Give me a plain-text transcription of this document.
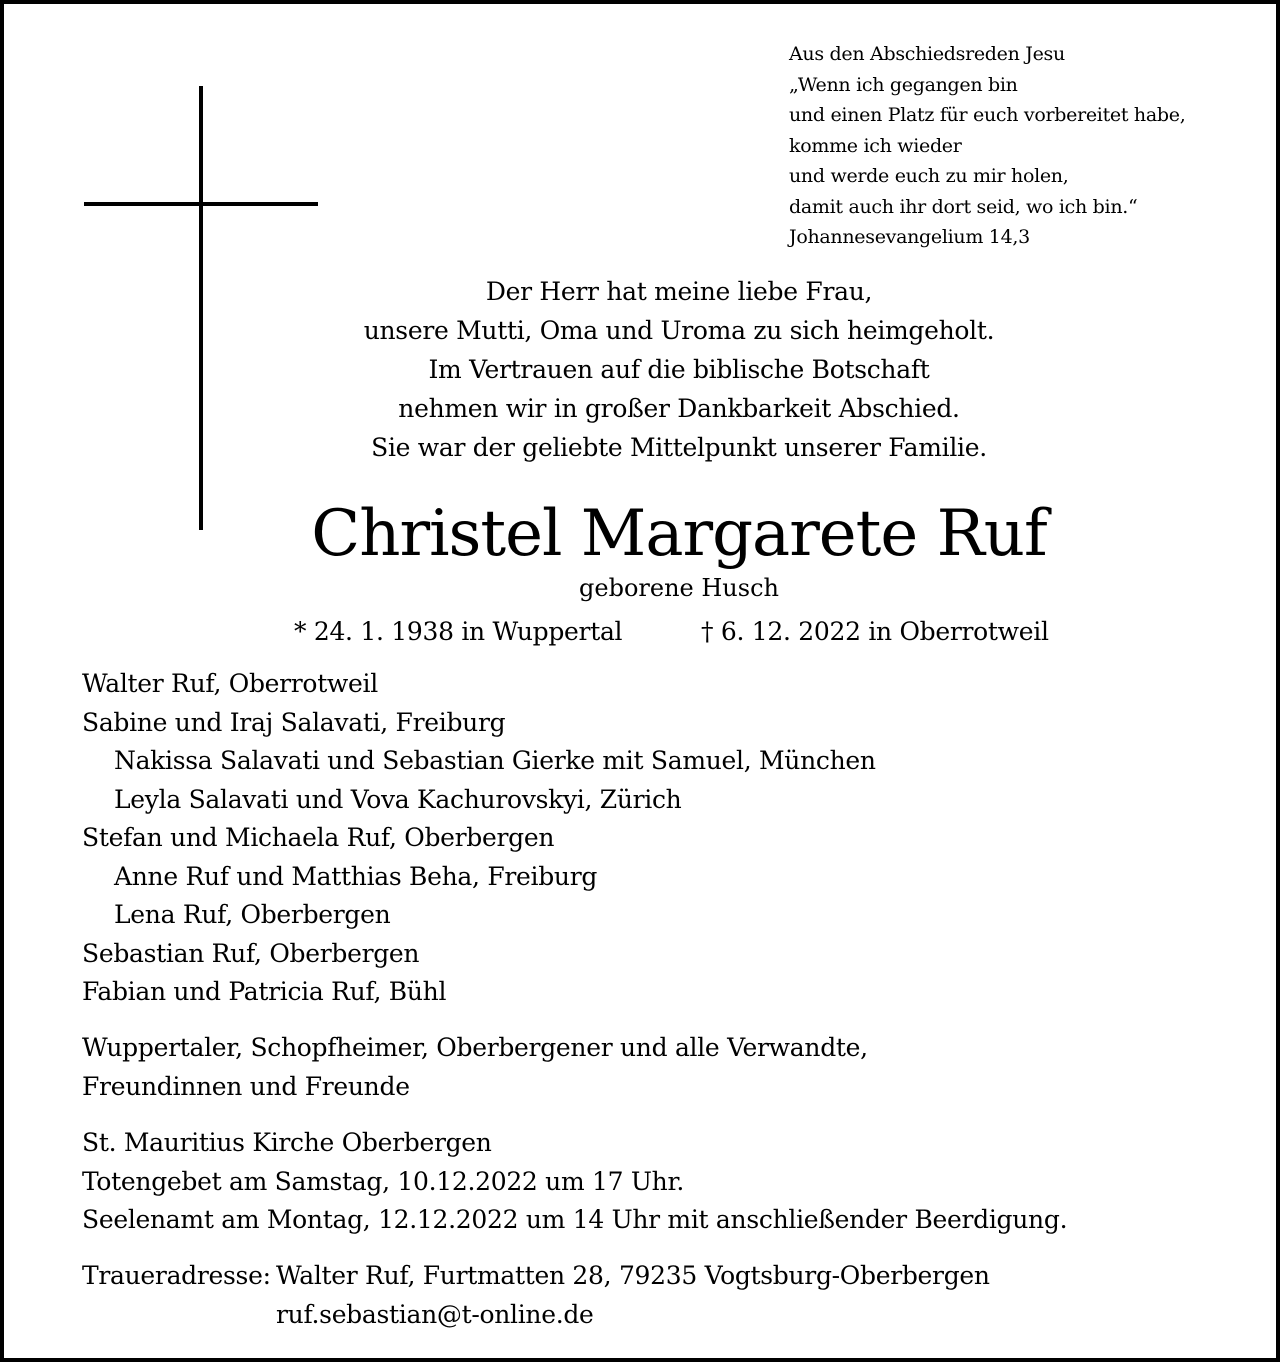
Aus den Abschiedsreden Jesu
„Wenn ich gegangen bin
und einen Platz für euch vorbereitet habe,
komme ich wieder
und werde euch zu mir holen,
damit auch ihr dort seid, wo ich bin.“
Johannesevangelium 14,3
Der Herr hat meine liebe Frau,
unsere Mutti, Oma und Uroma zu sich heimgeholt.
Im Vertrauen auf die biblische Botschaft
nehmen wir in großer Dankbarkeit Abschied.
Sie war der geliebte Mittelpunkt unserer Familie.
Christel Margarete Ruf
geborene Husch
* 24. 1. 1938 in Wuppertal	† 6. 12. 2022 in Oberrotweil
Walter Ruf, Oberrotweil
Sabine und Iraj Salavati, Freiburg
Nakissa Salavati und Sebastian Gierke mit Samuel, München
Leyla Salavati und Vova Kachurovskyi, Zürich
Stefan und Michaela Ruf, Oberbergen
Anne Ruf und Matthias Beha, Freiburg
Lena Ruf, Oberbergen
Sebastian Ruf, Oberbergen
Fabian und Patricia Ruf, Bühl
Wuppertaler, Schopfheimer, Oberbergener und alle Verwandte,
Freundinnen und Freunde
St. Mauritius Kirche Oberbergen
Totengebet am Samstag, 10.12.2022 um 17 Uhr.
Seelenamt am Montag, 12.12.2022 um 14 Uhr mit anschließender Beerdigung.
Traueradresse: Walter Ruf, Furtmatten 28, 79235 Vogtsburg-Oberbergen
ruf.sebastian@t-online.de
